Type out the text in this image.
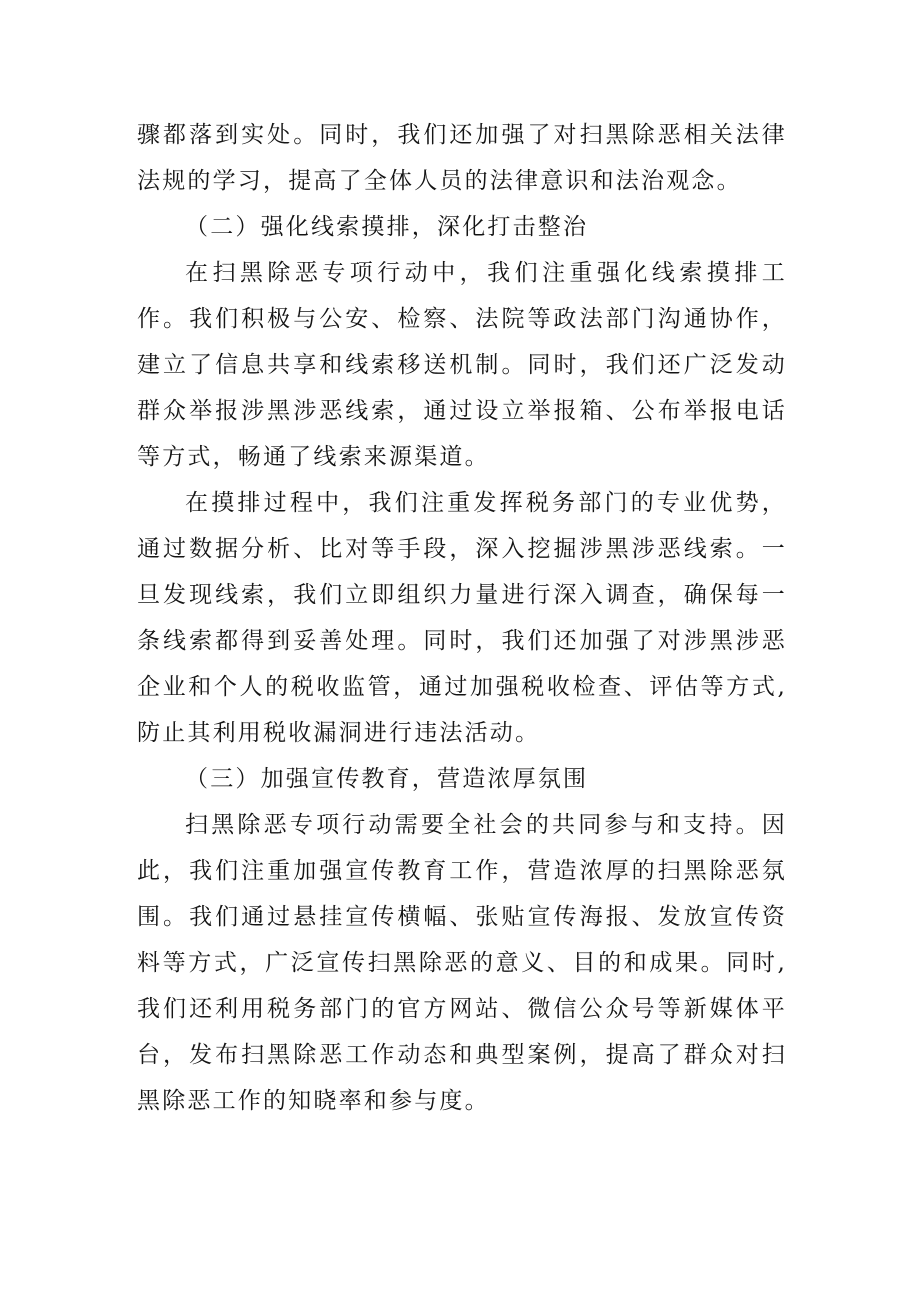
骤都落到实处。同时，我们还加强了对扫黑除恶相关法律法规的学习，提高了全体人员的法律意识和法治观念。

（二）强化线索摸排，深化打击整治

在扫黑除恶专项行动中，我们注重强化线索摸排工作。我们积极与公安、检察、法院等政法部门沟通协作，建立了信息共享和线索移送机制。同时，我们还广泛发动群众举报涉黑涉恶线索，通过设立举报箱、公布举报电话等方式，畅通了线索来源渠道。

在摸排过程中，我们注重发挥税务部门的专业优势，通过数据分析、比对等手段，深入挖掘涉黑涉恶线索。一旦发现线索，我们立即组织力量进行深入调查，确保每一条线索都得到妥善处理。同时，我们还加强了对涉黑涉恶企业和个人的税收监管，通过加强税收检查、评估等方式,防止其利用税收漏洞进行违法活动。

（三）加强宣传教育，营造浓厚氛围

扫黑除恶专项行动需要全社会的共同参与和支持。因此，我们注重加强宣传教育工作，营造浓厚的扫黑除恶氛围。我们通过悬挂宣传横幅、张贴宣传海报、发放宣传资料等方式，广泛宣传扫黑除恶的意义、目的和成果。同时,我们还利用税务部门的官方网站、微信公众号等新媒体平台，发布扫黑除恶工作动态和典型案例，提高了群众对扫黑除恶工作的知晓率和参与度。
